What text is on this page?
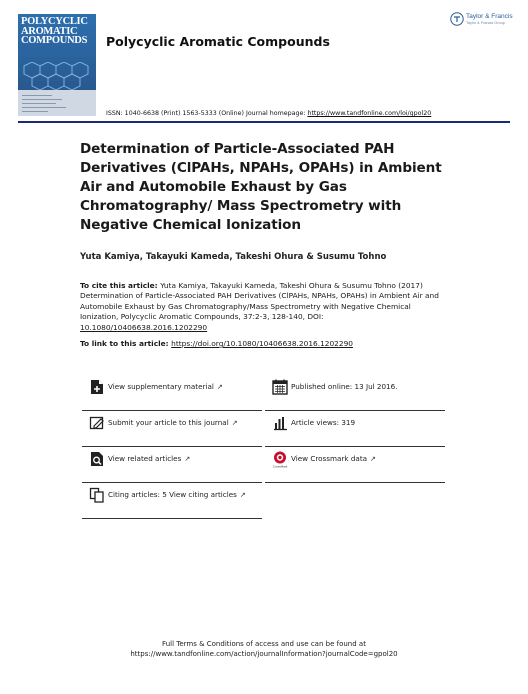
POLYCYCLIC
AROMATIC
COMPOUNDS	Polycyclic Aromatic Compounds
Taylor & Francis
Taylor & Francis Group
ISSN: 1040-6638 (Print) 1563-5333 (Online) Journal homepage: https://www.tandfonline.com/loi/gpol20
Determination of Particle-Associated PAH Derivatives (ClPAHs, NPAHs, OPAHs) in Ambient Air and Automobile Exhaust by Gas Chromatography/ Mass Spectrometry with Negative Chemical Ionization
Yuta Kamiya, Takayuki Kameda, Takeshi Ohura & Susumu Tohno
To cite this article: Yuta Kamiya, Takayuki Kameda, Takeshi Ohura & Susumu Tohno (2017) Determination of Particle-Associated PAH Derivatives (ClPAHs, NPAHs, OPAHs) in Ambient Air and Automobile Exhaust by Gas Chromatography/Mass Spectrometry with Negative Chemical Ionization, Polycyclic Aromatic Compounds, 37:2-3, 128-140, DOI: 10.1080/10406638.2016.1202290
To link to this article: https://doi.org/10.1080/10406638.2016.1202290
View supplementary material ↗
Submit your article to this journal ↗
View related articles ↗
Citing articles: 5 View citing articles ↗
Published online: 13 Jul 2016.
Article views: 319
CrossMark
View Crossmark data ↗
Full Terms & Conditions of access and use can be found at
https://www.tandfonline.com/action/journalInformation?journalCode=gpol20
